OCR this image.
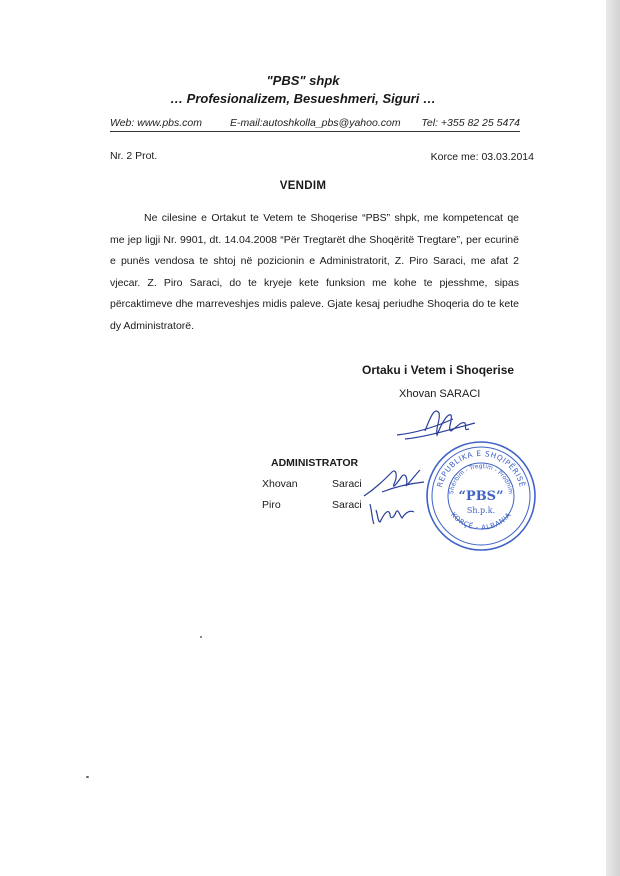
"PBS" shpk
… Profesionalizem, Besueshmeri, Siguri …
Web: www.pbs.com	E-mail:autoshkolla_pbs@yahoo.com Tel: +355 82 25 5474

Nr. 2 Prot.	Korce me: 03.03.2014
VENDIM
Ne cilesine e Ortakut te Vetem te Shoqerise “PBS” shpk, me kompetencat qe me jep ligji Nr. 9901, dt. 14.04.2008 “Për Tregtarët dhe Shoqëritë Tregtare”, per ecurinë e punës vendosa te shtoj në pozicionin e Administratorit, Z. Piro Saraci, me afat 2 vjecar. Z. Piro Saraci, do te kryeje kete funksion me kohe te pjesshme, sipas përcaktimeve dhe marreveshjes midis paleve. Gjate kesaj periudhe Shoqeria do te kete dy Administratorë.
Ortaku i Vetem i Shoqerise
Xhovan SARACI
ADMINISTRATOR
Xhovan	Saraci
Piro	Saraci
REPUBLIKA E SHQIPËRISË
Shërbim - Tregtim - Prodhim
KORÇË - ALBANIA
“PBS”
Sh.p.k.
